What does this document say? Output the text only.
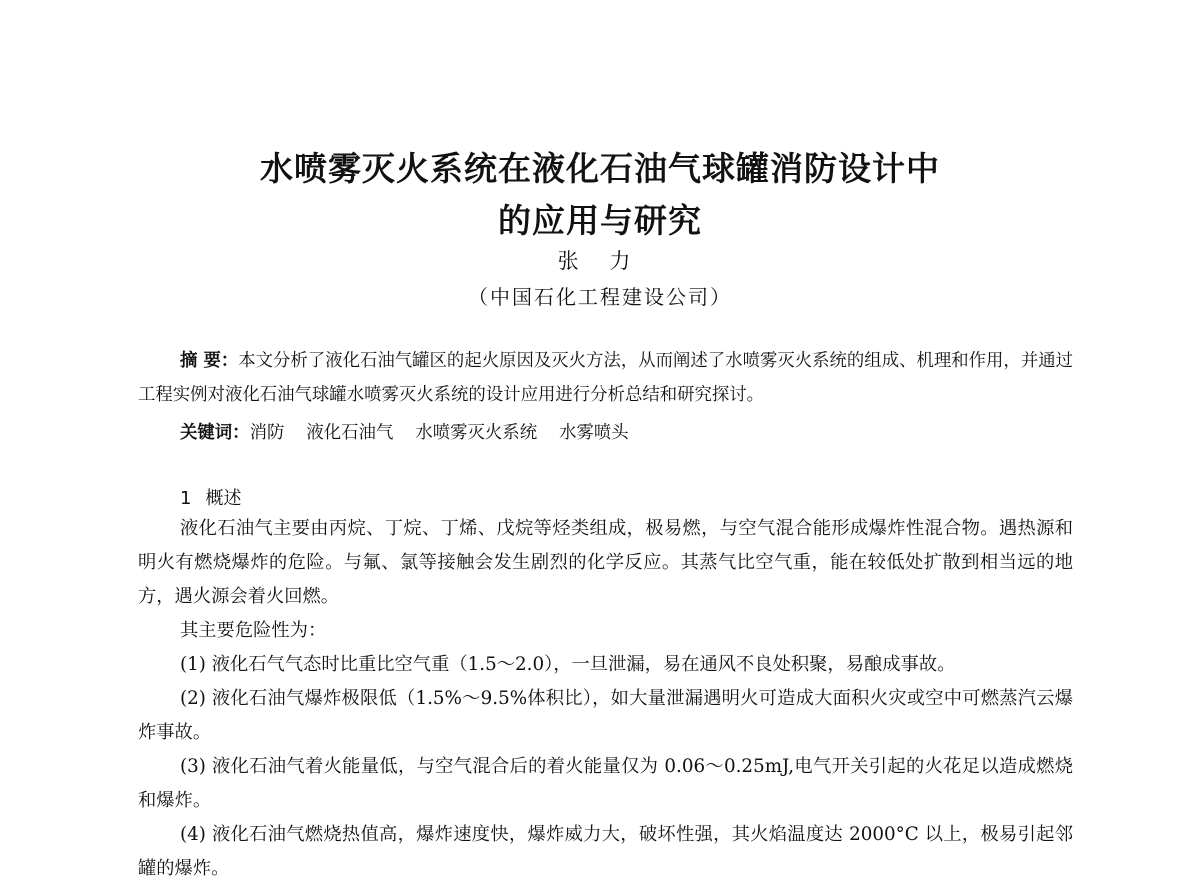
水喷雾灭火系统在液化石油气球罐消防设计中
的应用与研究
张 力
（中国石化工程建设公司）

摘 要：本文分析了液化石油气罐区的起火原因及灭火方法，从而阐述了水喷雾灭火系统的组成、机理和作用，并通过工程实例对液化石油气球罐水喷雾灭火系统的设计应用进行分析总结和研究探讨。

关键词：消防 液化石油气 水喷雾灭火系统 水雾喷头

1 概述

液化石油气主要由丙烷、丁烷、丁烯、戊烷等烃类组成，极易燃，与空气混合能形成爆炸性混合物。遇热源和明火有燃烧爆炸的危险。与氟、氯等接触会发生剧烈的化学反应。其蒸气比空气重，能在较低处扩散到相当远的地方，遇火源会着火回燃。

其主要危险性为：

(1) 液化石气气态时比重比空气重（1.5～2.0），一旦泄漏，易在通风不良处积聚，易酿成事故。

(2) 液化石油气爆炸极限低（1.5%～9.5%体积比），如大量泄漏遇明火可造成大面积火灾或空中可燃蒸汽云爆炸事故。

(3) 液化石油气着火能量低，与空气混合后的着火能量仅为 0.06～0.25mJ,电气开关引起的火花足以造成燃烧和爆炸。

(4) 液化石油气燃烧热值高，爆炸速度快，爆炸威力大，破坏性强，其火焰温度达 2000°C 以上，极易引起邻罐的爆炸。
